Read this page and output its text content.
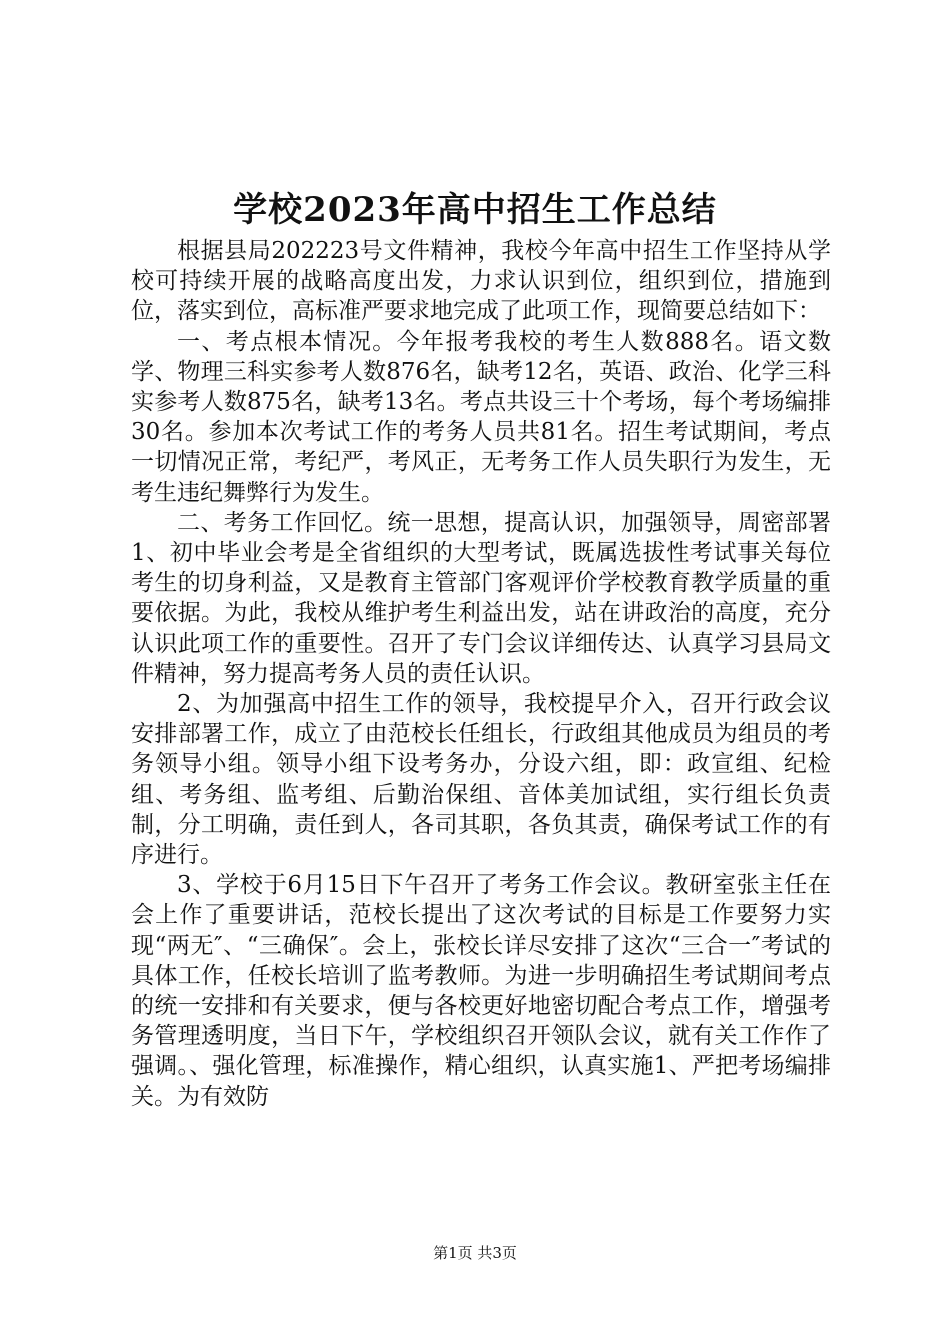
学校2023年高中招生工作总结

根据县局202223号文件精神，我校今年高中招生工作坚持从学校可持续开展的战略高度出发，力求认识到位，组织到位，措施到位，落实到位，高标准严要求地完成了此项工作，现简要总结如下：

一、考点根本情况。今年报考我校的考生人数888名。语文数学、物理三科实参考人数876名，缺考12名，英语、政治、化学三科实参考人数875名，缺考13名。考点共设三十个考场，每个考场编排30名。参加本次考试工作的考务人员共81名。招生考试期间，考点一切情况正常，考纪严，考风正，无考务工作人员失职行为发生，无考生违纪舞弊行为发生。

二、考务工作回忆。统一思想，提高认识，加强领导，周密部署1、初中毕业会考是全省组织的大型考试，既属选拔性考试事关每位考生的切身利益，又是教育主管部门客观评价学校教育教学质量的重要依据。为此，我校从维护考生利益出发，站在讲政治的高度，充分认识此项工作的重要性。召开了专门会议详细传达、认真学习县局文件精神，努力提高考务人员的责任认识。

2、为加强高中招生工作的领导，我校提早介入，召开行政会议安排部署工作，成立了由范校长任组长，行政组其他成员为组员的考务领导小组。领导小组下设考务办，分设六组，即：政宣组、纪检组、考务组、监考组、后勤治保组、音体美加试组，实行组长负责制，分工明确，责任到人，各司其职，各负其责，确保考试工作的有序进行。

3、学校于6月15日下午召开了考务工作会议。教研室张主任在会上作了重要讲话，范校长提出了这次考试的目标是工作要努力实现“两无″、“三确保″。会上，张校长详尽安排了这次“三合一″考试的具体工作，任校长培训了监考教师。为进一步明确招生考试期间考点的统一安排和有关要求，便与各校更好地密切配合考点工作，增强考务管理透明度，当日下午，学校组织召开领队会议，就有关工作作了强调。、强化管理，标准操作，精心组织，认真实施1、严把考场编排关。为有效防

第1页 共3页
